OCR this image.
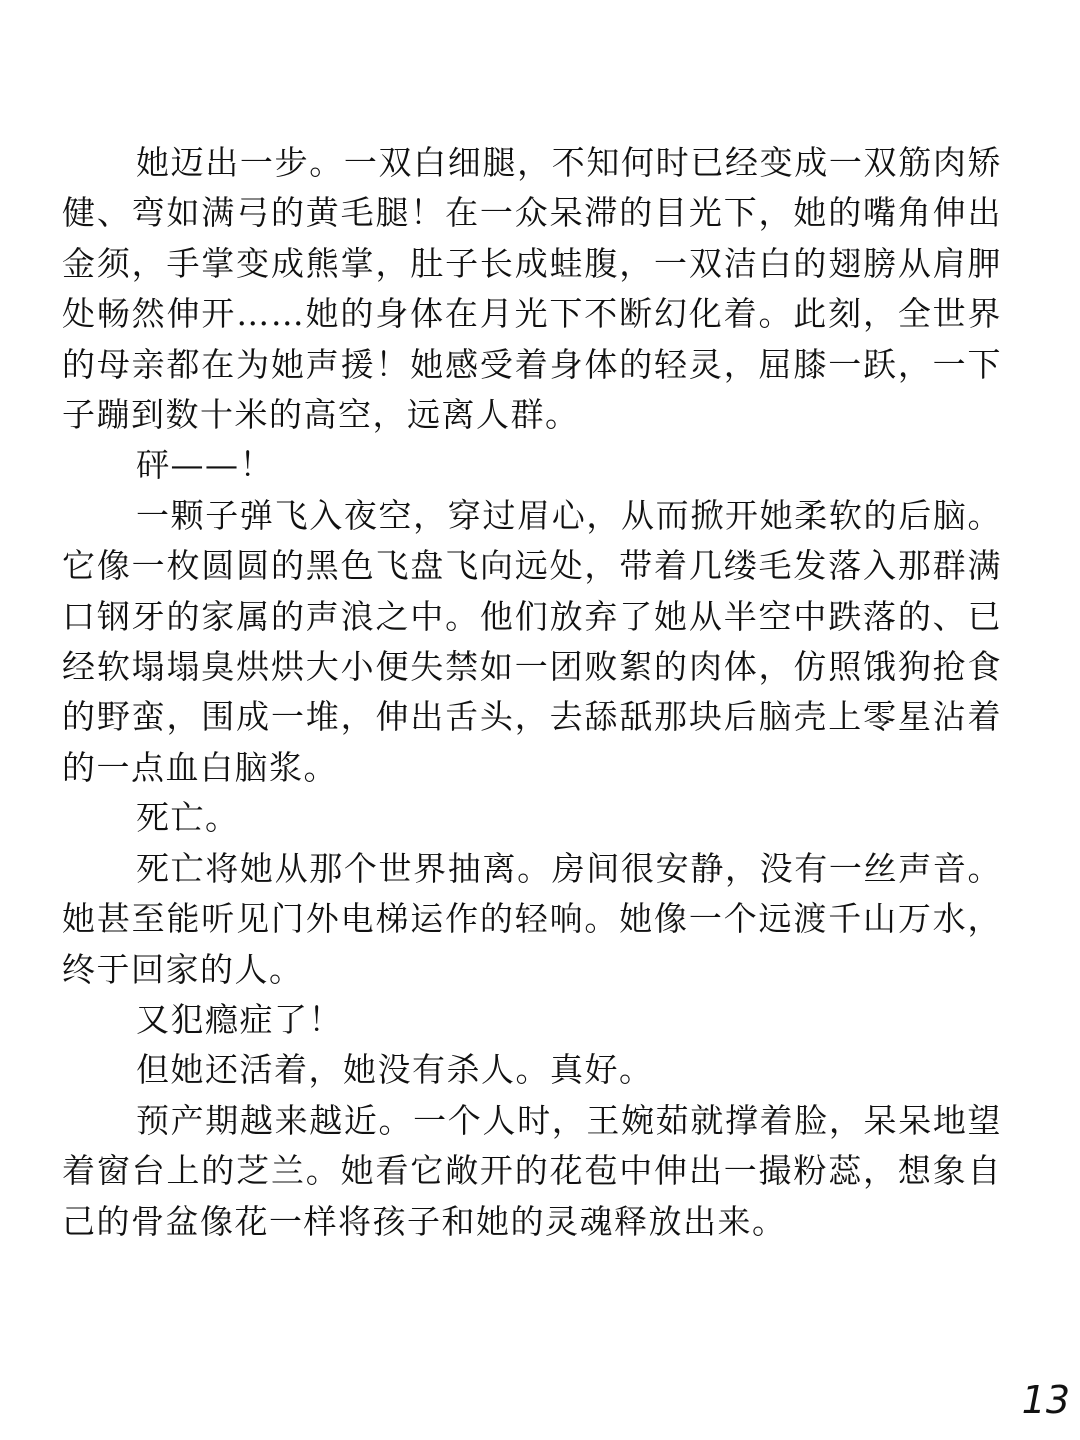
她迈出一步。一双白细腿，不知何时已经变成一双筋肉矫健、弯如满弓的黄毛腿！在一众呆滞的目光下，她的嘴角伸出金须，手掌变成熊掌，肚子长成蛙腹，一双洁白的翅膀从肩胛处畅然伸开……她的身体在月光下不断幻化着。此刻，全世界的母亲都在为她声援！她感受着身体的轻灵，屈膝一跃，一下子蹦到数十米的高空，远离人群。

砰——！

一颗子弹飞入夜空，穿过眉心，从而掀开她柔软的后脑。它像一枚圆圆的黑色飞盘飞向远处，带着几缕毛发落入那群满口钢牙的家属的声浪之中。他们放弃了她从半空中跌落的、已经软塌塌臭烘烘大小便失禁如一团败絮的肉体，仿照饿狗抢食的野蛮，围成一堆，伸出舌头，去舔舐那块后脑壳上零星沾着的一点血白脑浆。

死亡。

死亡将她从那个世界抽离。房间很安静，没有一丝声音。她甚至能听见门外电梯运作的轻响。她像一个远渡千山万水，终于回家的人。

又犯瘾症了！

但她还活着，她没有杀人。真好。

预产期越来越近。一个人时，王婉茹就撑着脸，呆呆地望着窗台上的芝兰。她看它敞开的花苞中伸出一撮粉蕊，想象自己的骨盆像花一样将孩子和她的灵魂释放出来。

13
